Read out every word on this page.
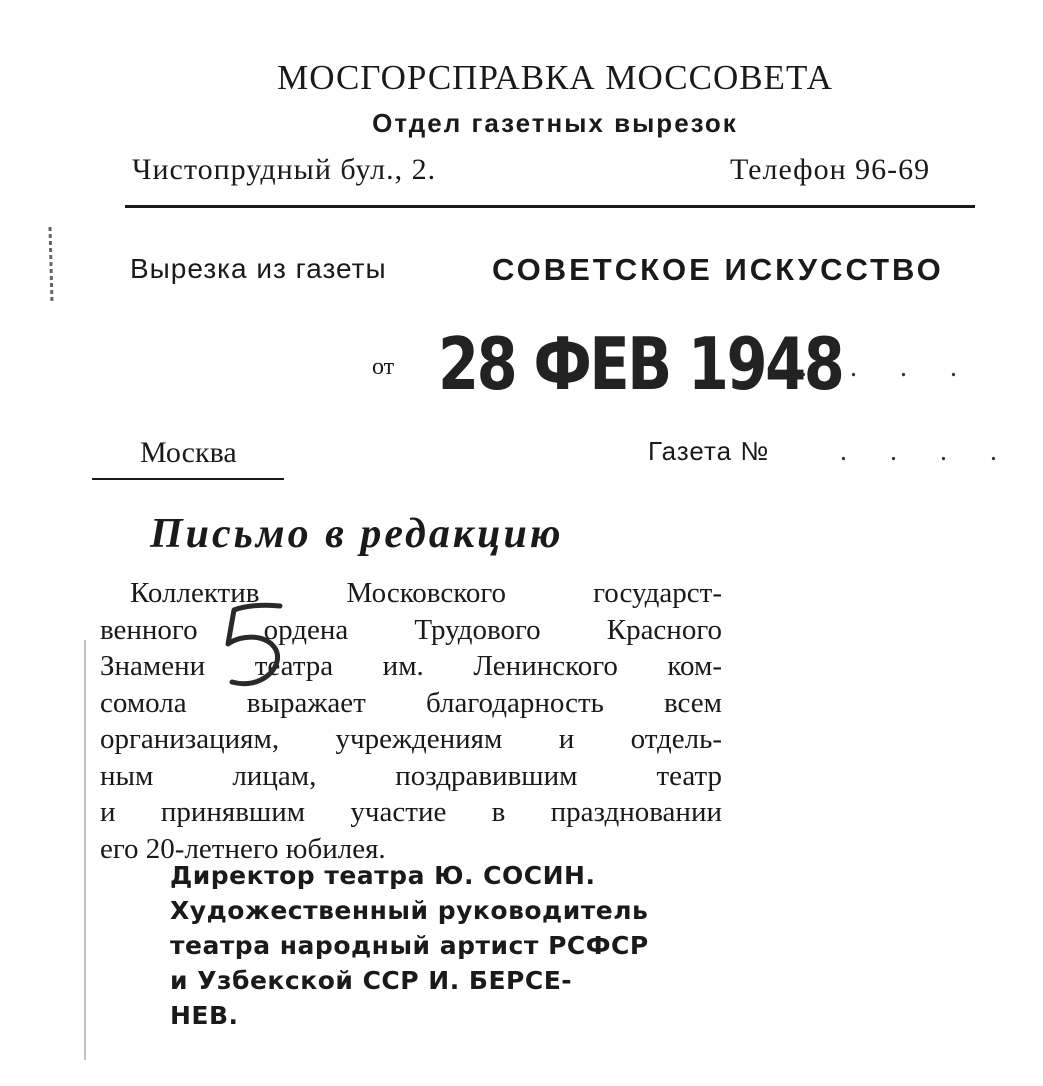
МОСГОРСПРАВКА МОССОВЕТА
Отдел газетных вырезок
Чистопрудный бул., 2.	Телефон 96-69
Вырезка из газеты	СОВЕТСКОЕ ИСКУССТВО
от 28 ФЕВ 1948
. . . .
Москва	Газета №	. . . .
Письмо в редакцию
Коллектив Московского государст-
венного ордена Трудового Красного
Знамени театра им. Ленинского ком-
сомола выражает благодарность всем
организациям, учреждениям и отдель-
ным лицам, поздравившим театр
и принявшим участие в праздновании
его 20-летнего юбилея.
Директор театра Ю. СОСИН.
Художественный руководитель
театра народный артист РСФСР
и Узбекской ССР И. БЕРСЕ-
НЕВ.
